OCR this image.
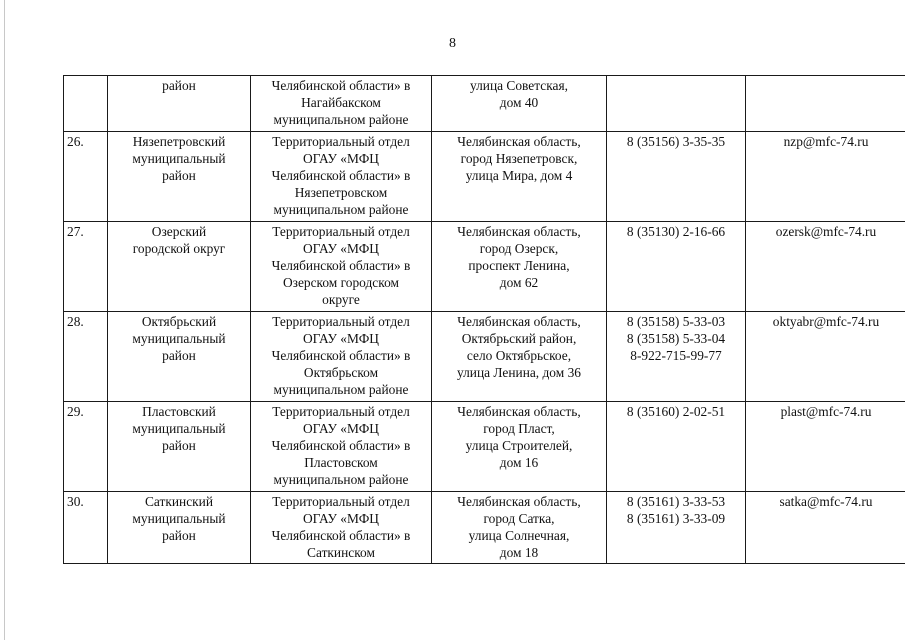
8

	район	Челябинской области» в
Нагайбакском
муниципальном районе	улица Советская,
дом 40		

26.	Нязепетровский
муниципальный
район	Территориальный отдел
ОГАУ «МФЦ
Челябинской области» в
Нязепетровском
муниципальном районе	Челябинская область,
город Нязепетровск,
улица Мира, дом 4	8 (35156) 3-35-35	nzp@mfc-74.ru

27.	Озерский
городской округ	Территориальный отдел
ОГАУ «МФЦ
Челябинской области» в
Озерском городском
округе	Челябинская область,
город Озерск,
проспект Ленина,
дом 62	8 (35130) 2-16-66	ozersk@mfc-74.ru

28.	Октябрьский
муниципальный
район	Территориальный отдел
ОГАУ «МФЦ
Челябинской области» в
Октябрьском
муниципальном районе	Челябинская область,
Октябрьский район,
село Октябрьское,
улица Ленина, дом 36	8 (35158) 5-33-03
8 (35158) 5-33-04
8-922-715-99-77	oktyabr@mfc-74.ru

29.	Пластовский
муниципальный
район	Территориальный отдел
ОГАУ «МФЦ
Челябинской области» в
Пластовском
муниципальном районе	Челябинская область,
город Пласт,
улица Строителей,
дом 16	8 (35160) 2-02-51	plast@mfc-74.ru

30.	Саткинский
муниципальный
район	Территориальный отдел
ОГАУ «МФЦ
Челябинской области» в
Саткинском	Челябинская область,
город Сатка,
улица Солнечная,
дом 18	8 (35161) 3-33-53
8 (35161) 3-33-09	satka@mfc-74.ru
